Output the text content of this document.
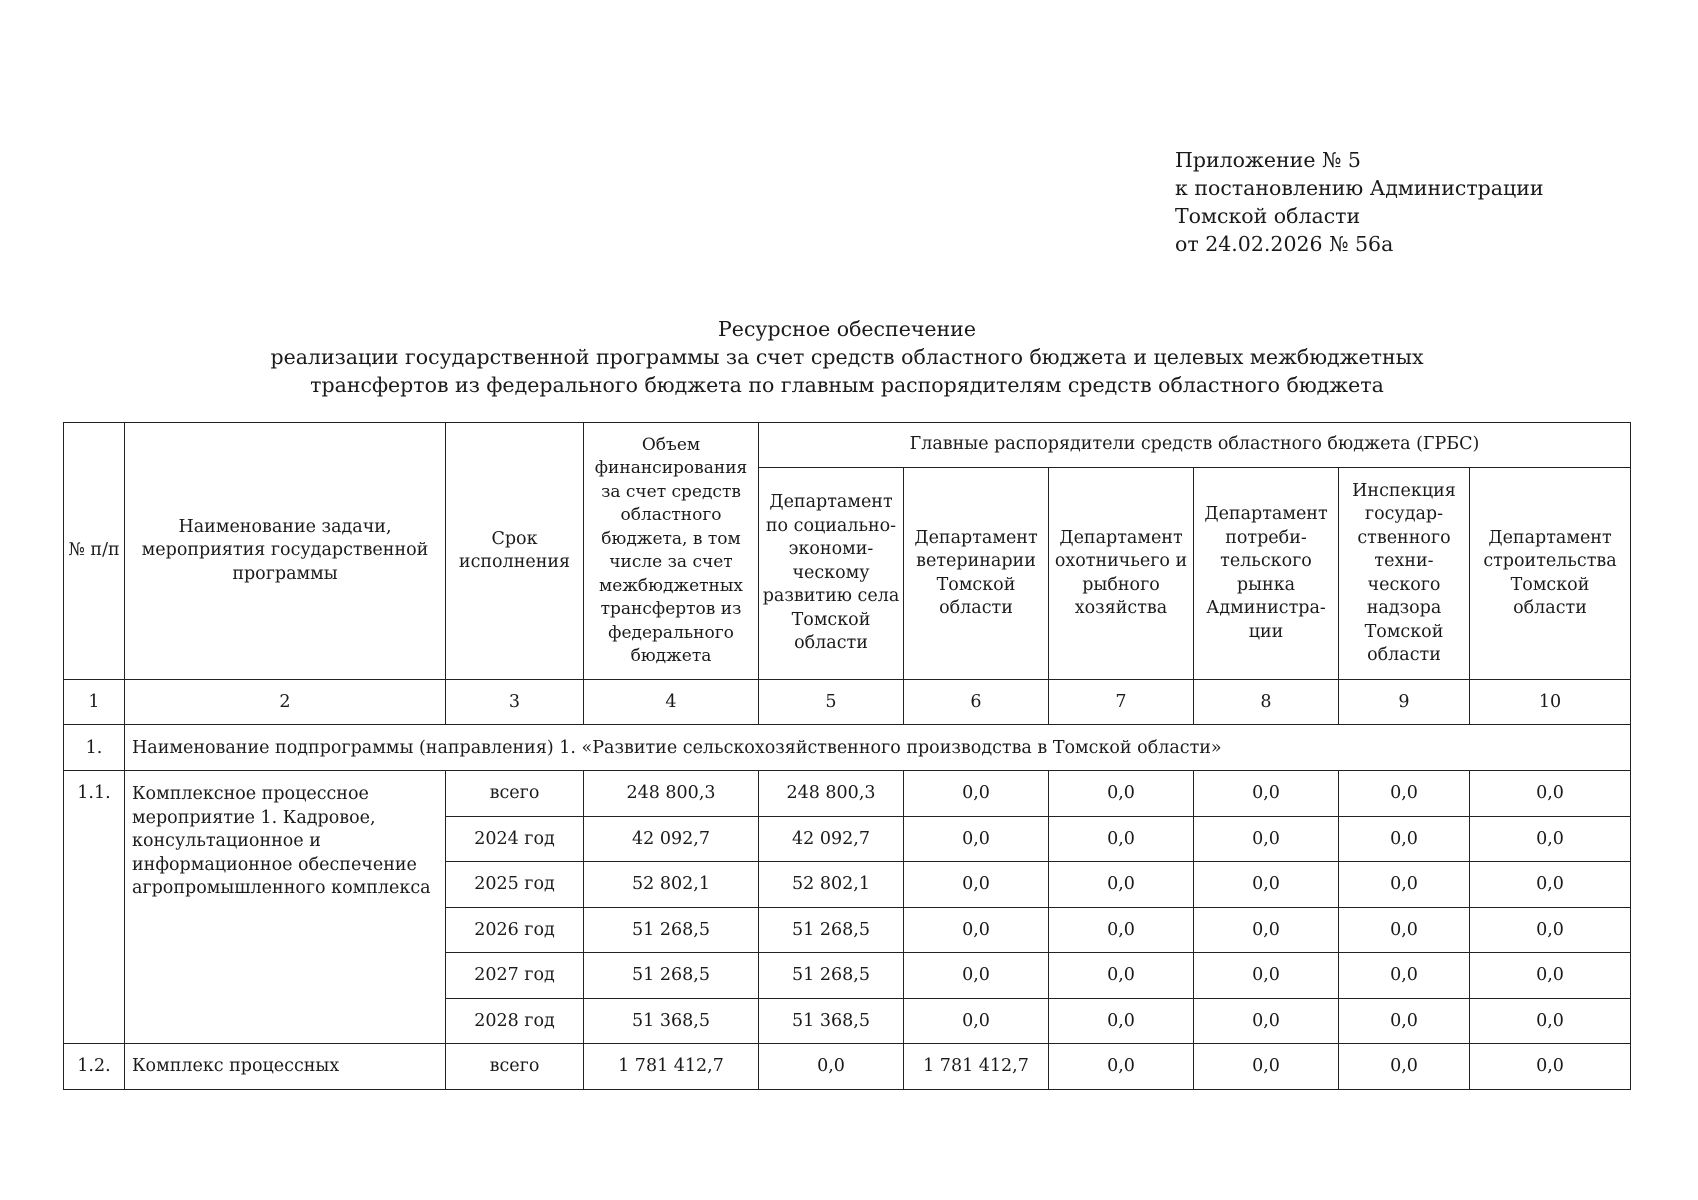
Приложение № 5
к постановлению Администрации
Томской области
от 24.02.2026 № 56а
Ресурсное обеспечение
реализации государственной программы за счет средств областного бюджета и целевых межбюджетных
трансфертов из федерального бюджета по главным распорядителям средств областного бюджета
№ п/п	Наименование задачи, мероприятия государственной программы	Срок исполнения	Объем финансирования за счет средств областного бюджета, в том числе за счет межбюджетных трансфертов из федерального бюджета	Главные распорядители средств областного бюджета (ГРБС)					
				Департамент по социально-экономи-ческому развитию села Томской области	Департамент ветеринарии Томской области	Департамент охотничьего и рыбного хозяйства	Департамент потреби-тельского рынка Администра-ции	Инспекция государ-ственного техни-ческого надзора Томской области	Департамент строительства Томской области
1	2	3	4	5	6	7	8	9	10
1.	Наименование подпрограммы (направления) 1. «Развитие сельскохозяйственного производства в Томской области»								
1.1.	Комплексное процессное мероприятие 1. Кадровое, консультационное и информационное обеспечение агропромышленного комплекса	всего	248 800,3	248 800,3	0,0	0,0	0,0	0,0	0,0
		2024 год	42 092,7	42 092,7	0,0	0,0	0,0	0,0	0,0
		2025 год	52 802,1	52 802,1	0,0	0,0	0,0	0,0	0,0
		2026 год	51 268,5	51 268,5	0,0	0,0	0,0	0,0	0,0
		2027 год	51 268,5	51 268,5	0,0	0,0	0,0	0,0	0,0
		2028 год	51 368,5	51 368,5	0,0	0,0	0,0	0,0	0,0
1.2.	Комплекс процессных	всего	1 781 412,7	0,0	1 781 412,7	0,0	0,0	0,0	0,0
